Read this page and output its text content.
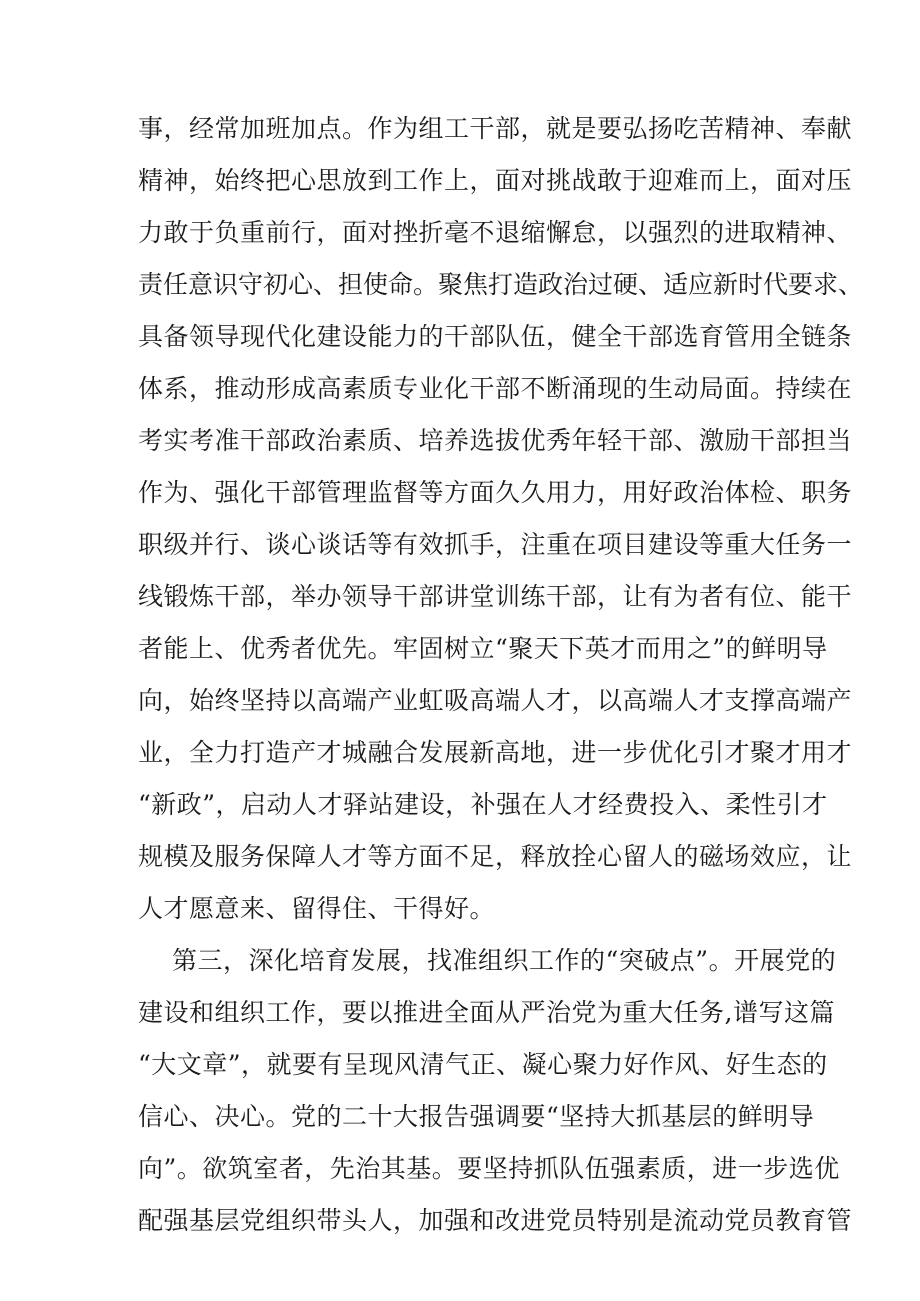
事，经常加班加点。作为组工干部，就是要弘扬吃苦精神、奉献

精神，始终把心思放到工作上，面对挑战敢于迎难而上，面对压

力敢于负重前行，面对挫折毫不退缩懈怠，以强烈的进取精神、

责任意识守初心、担使命。聚焦打造政治过硬、适应新时代要求、

具备领导现代化建设能力的干部队伍，健全干部选育管用全链条

体系，推动形成高素质专业化干部不断涌现的生动局面。持续在

考实考准干部政治素质、培养选拔优秀年轻干部、激励干部担当

作为、强化干部管理监督等方面久久用力，用好政治体检、职务

职级并行、谈心谈话等有效抓手，注重在项目建设等重大任务一

线锻炼干部，举办领导干部讲堂训练干部，让有为者有位、能干

者能上、优秀者优先。牢固树立“聚天下英才而用之”的鲜明导

向，始终坚持以高端产业虹吸高端人才，以高端人才支撑高端产

业，全力打造产才城融合发展新高地，进一步优化引才聚才用才

“新政”，启动人才驿站建设，补强在人才经费投入、柔性引才

规模及服务保障人才等方面不足，释放拴心留人的磁场效应，让

人才愿意来、留得住、干得好。

第三，深化培育发展，找准组织工作的“突破点”。开展党的

建设和组织工作，要以推进全面从严治党为重大任务,谱写这篇

“大文章”，就要有呈现风清气正、凝心聚力好作风、好生态的

信心、决心。党的二十大报告强调要“坚持大抓基层的鲜明导

向”。欲筑室者，先治其基。要坚持抓队伍强素质，进一步选优

配强基层党组织带头人，加强和改进党员特别是流动党员教育管
